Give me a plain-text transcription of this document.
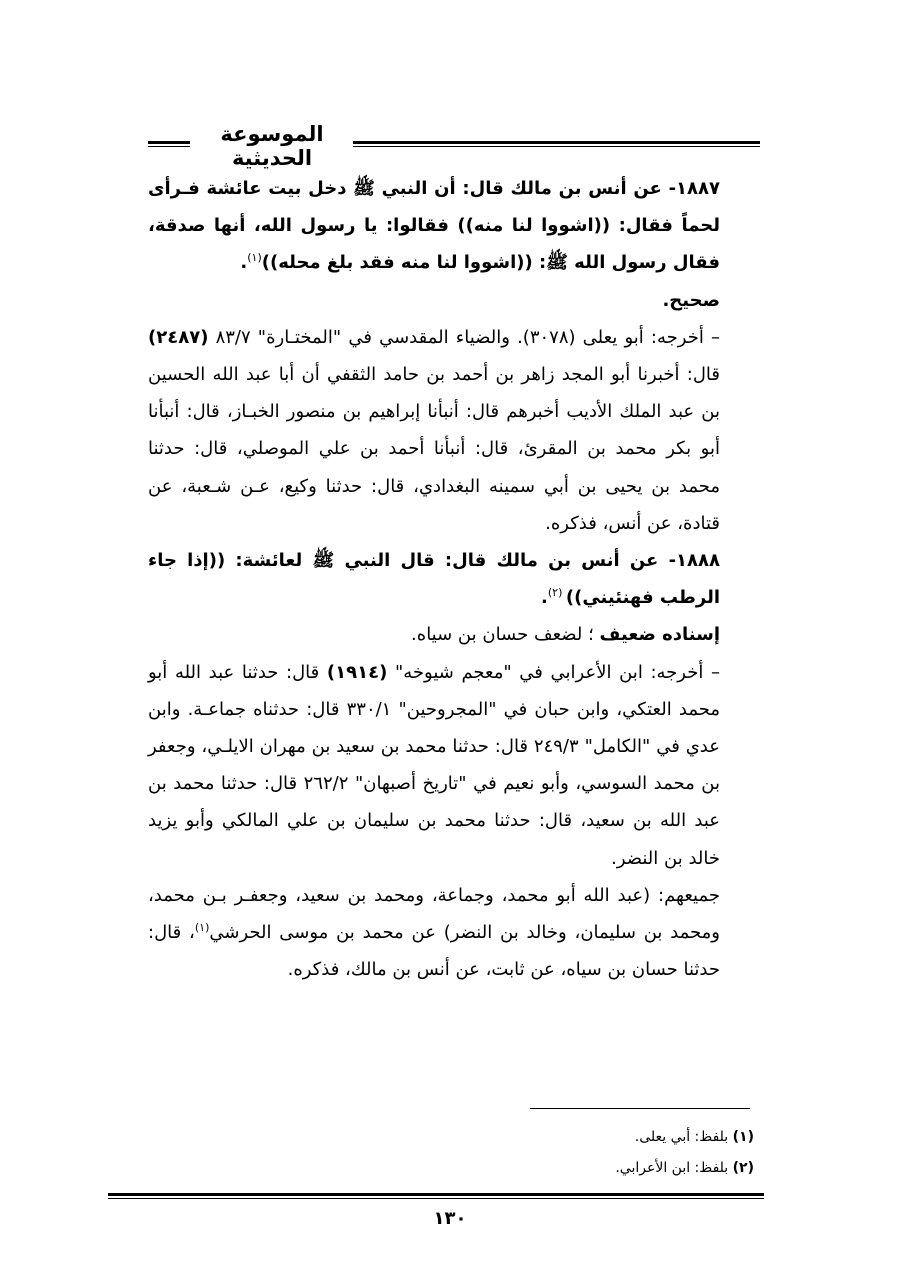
الموسوعة الحديثية

١٨٨٧- عن أنس بن مالك قال: أن النبي ﷺ دخل بيت عائشة فـرأى لحماً فقال: ((اشووا لنا منه)) فقالوا: يا رسول الله، أنها صدقة، فقال رسول الله ﷺ: ((اشووا لنا منه فقد بلغ محله))$^{(١)}$.

صحيح.

– أخرجه: أبو يعلى (٣٠٧٨). والضياء المقدسي في "المختـارة" ٨٣/٧ (٢٤٨٧) قال: أخبرنا أبو المجد زاهر بن أحمد بن حامد الثقفي أن أبا عبد الله الحسين بن عبد الملك الأديب أخبرهم قال: أنبأنا إبراهيم بن منصور الخبـاز، قال: أنبأنا أبو بكر محمد بن المقرئ، قال: أنبأنا أحمد بن علي الموصلي، قال: حدثنا محمد بن يحيى بن أبي سمينه البغدادي، قال: حدثنا وكيع، عـن شـعبة، عن قتادة، عن أنس، فذكره.

١٨٨٨- عن أنس بن مالك قال: قال النبي ﷺ لعائشة: ((إذا جاء الرطب فهنئيني)) $^{(٢)}$.

إسناده ضعيف ؛ لضعف حسان بن سياه.

– أخرجه: ابن الأعرابي في "معجم شيوخه" (١٩١٤) قال: حدثنا عبد الله أبو محمد العتكي، وابن حبان في "المجروحين" ٣٣٠/١ قال: حدثناه جماعـة. وابن عدي في "الكامل" ٢٤٩/٣ قال: حدثنا محمد بن سعيد بن مهران الايلـي، وجعفر بن محمد السوسي، وأبو نعيم في "تاريخ أصبهان" ٢٦٢/٢ قال: حدثنا محمد بن عبد الله بن سعيد، قال: حدثنا محمد بن سليمان بن علي المالكي وأبو يزيد خالد بن النضر.

جميعهم: (عبد الله أبو محمد، وجماعة، ومحمد بن سعيد، وجعفـر بـن محمد، ومحمد بن سليمان، وخالد بن النضر) عن محمد بن موسى الحرشي$^{(١)}$، قال: حدثنا حسان بن سياه، عن ثابت، عن أنس بن مالك، فذكره.

(١) بلفظ: أبي يعلى.
(٢) بلفظ: ابن الأعرابي.
١٣٠
